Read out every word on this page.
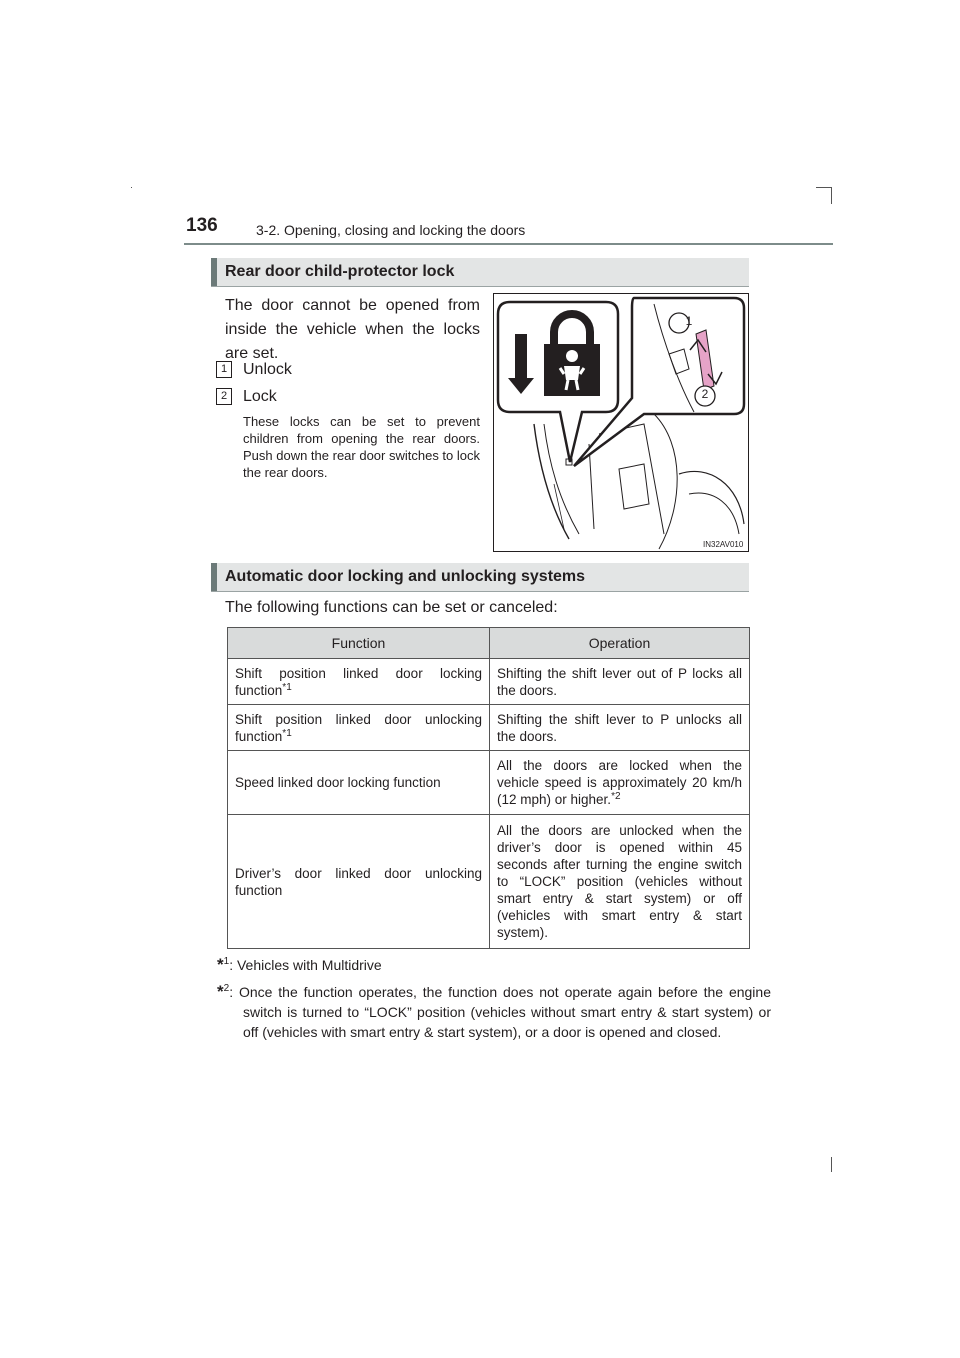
136	3-2. Opening, closing and locking the doors
Rear door child-protector lock
The door cannot be opened from inside the vehicle when the locks are set.
1 Unlock
2 Lock
These locks can be set to prevent children from opening the rear doors. Push down the rear door switches to lock the rear doors.
1
2
IN32AV010
Automatic door locking and unlocking systems
The following functions can be set or canceled:
Function	Operation
Shift position linked door locking function$^{*1}$	Shifting the shift lever out of P locks all the doors.
Shift position linked door unlocking function$^{*1}$	Shifting the shift lever to P unlocks all the doors.
Speed linked door locking function	All the doors are locked when the vehicle speed is approximately 20 km/h (12 mph) or higher.$^{*2}$
Driver’s door linked door unlocking function	All the doors are unlocked when the driver’s door is opened within 45 seconds after turning the engine switch to “LOCK” position (vehicles without smart entry & start system) or off (vehicles with smart entry & start system).
*$^1$: Vehicles with Multidrive
*$^2$: Once the function operates, the function does not operate again before the engine switch is turned to “LOCK” position (vehicles without smart entry & start system) or off (vehicles with smart entry & start system), or a door is opened and closed.
